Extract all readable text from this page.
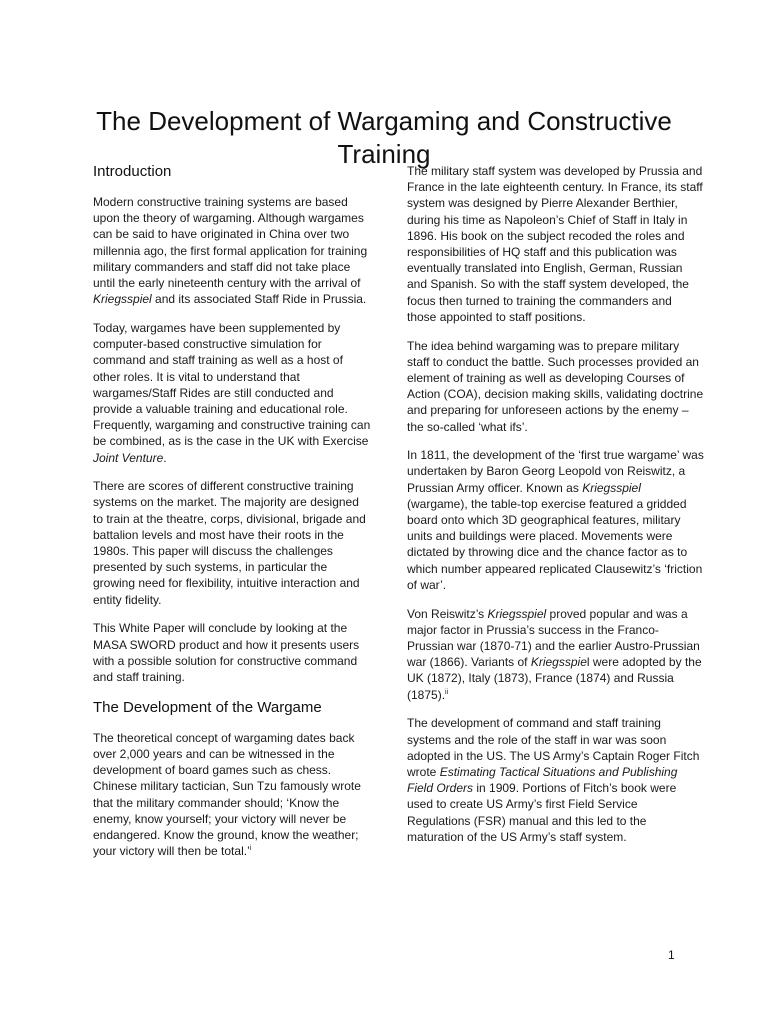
The Development of Wargaming and Constructive Training
Introduction

Modern constructive training systems are based upon the theory of wargaming. Although wargames can be said to have originated in China over two millennia ago, the first formal application for training military commanders and staff did not take place until the early nineteenth century with the arrival of Kriegsspiel and its associated Staff Ride in Prussia.

Today, wargames have been supplemented by computer-based constructive simulation for command and staff training as well as a host of other roles. It is vital to understand that wargames/Staff Rides are still conducted and provide a valuable training and educational role. Frequently, wargaming and constructive training can be combined, as is the case in the UK with Exercise Joint Venture.

There are scores of different constructive training systems on the market. The majority are designed to train at the theatre, corps, divisional, brigade and battalion levels and most have their roots in the 1980s. This paper will discuss the challenges presented by such systems, in particular the growing need for flexibility, intuitive interaction and entity fidelity.

This White Paper will conclude by looking at the MASA SWORD product and how it presents users with a possible solution for constructive command and staff training.

The Development of the Wargame

The theoretical concept of wargaming dates back over 2,000 years and can be witnessed in the development of board games such as chess. Chinese military tactician, Sun Tzu famously wrote that the military commander should; ‘Know the enemy, know yourself; your victory will never be endangered. Know the ground, know the weather; your victory will then be total.’$^i$

The military staff system was developed by Prussia and France in the late eighteenth century. In France, its staff system was designed by Pierre Alexander Berthier, during his time as Napoleon’s Chief of Staff in Italy in 1896. His book on the subject recoded the roles and responsibilities of HQ staff and this publication was eventually translated into English, German, Russian and Spanish. So with the staff system developed, the focus then turned to training the commanders and those appointed to staff positions.

The idea behind wargaming was to prepare military staff to conduct the battle. Such processes provided an element of training as well as developing Courses of Action (COA), decision making skills, validating doctrine and preparing for unforeseen actions by the enemy – the so-called ‘what ifs’.

In 1811, the development of the ‘first true wargame’ was undertaken by Baron Georg Leopold von Reiswitz, a Prussian Army officer. Known as Kriegsspiel (wargame), the table-top exercise featured a gridded board onto which 3D geographical features, military units and buildings were placed. Movements were dictated by throwing dice and the chance factor as to which number appeared replicated Clausewitz’s ‘friction of war’.

Von Reiswitz’s Kriegsspiel proved popular and was a major factor in Prussia’s success in the Franco-Prussian war (1870-71) and the earlier Austro-Prussian war (1866). Variants of Kriegsspiel were adopted by the UK (1872), Italy (1873), France (1874) and Russia (1875).$^{ii}$

The development of command and staff training systems and the role of the staff in war was soon adopted in the US. The US Army’s Captain Roger Fitch wrote Estimating Tactical Situations and Publishing Field Orders in 1909. Portions of Fitch’s book were used to create US Army’s first Field Service Regulations (FSR) manual and this led to the maturation of the US Army’s staff system.

1
